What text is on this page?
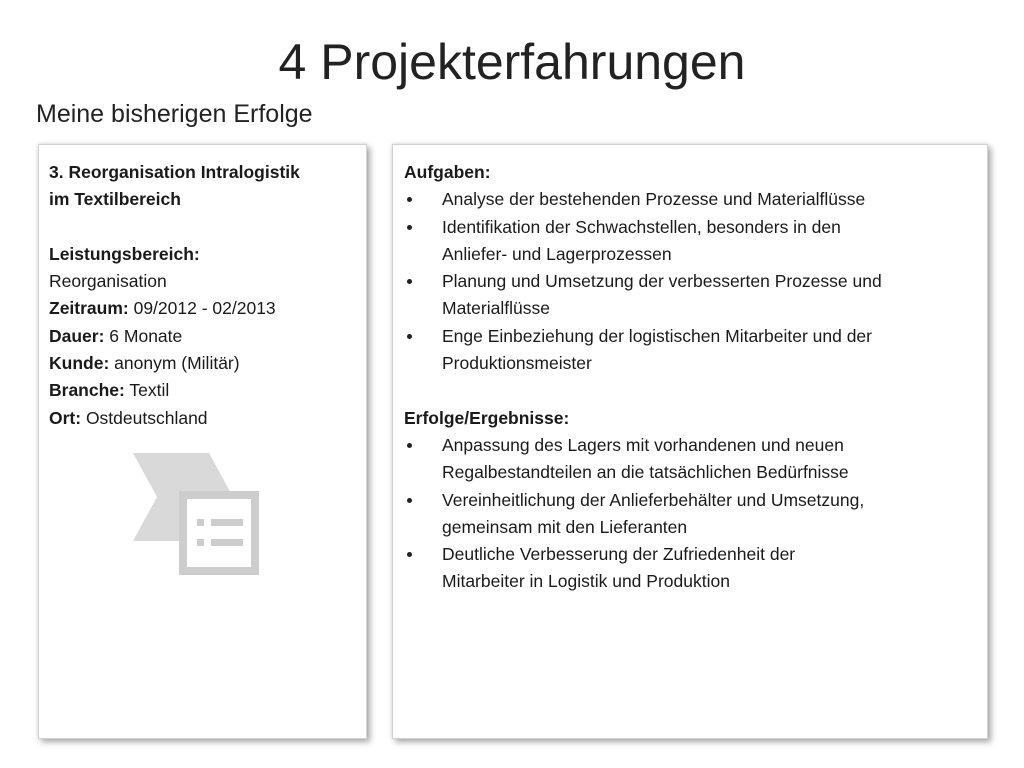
4 Projekterfahrungen
Meine bisherigen Erfolge
3. Reorganisation Intralogistik
im Textilbereich
Leistungsbereich:
Reorganisation
Zeitraum: 09/2012 - 02/2013
Dauer: 6 Monate
Kunde: anonym (Militär)
Branche: Textil
Ort: Ostdeutschland
Aufgaben:
Analyse der bestehenden Prozesse und Materialflüsse
Identifikation der Schwachstellen, besonders in den
Anliefer- und Lagerprozessen
Planung und Umsetzung der verbesserten Prozesse und
Materialflüsse
Enge Einbeziehung der logistischen Mitarbeiter und der
Produktionsmeister
Erfolge/Ergebnisse:
Anpassung des Lagers mit vorhandenen und neuen
Regalbestandteilen an die tatsächlichen Bedürfnisse
Vereinheitlichung der Anlieferbehälter und Umsetzung,
gemeinsam mit den Lieferanten
Deutliche Verbesserung der Zufriedenheit der
Mitarbeiter in Logistik und Produktion
